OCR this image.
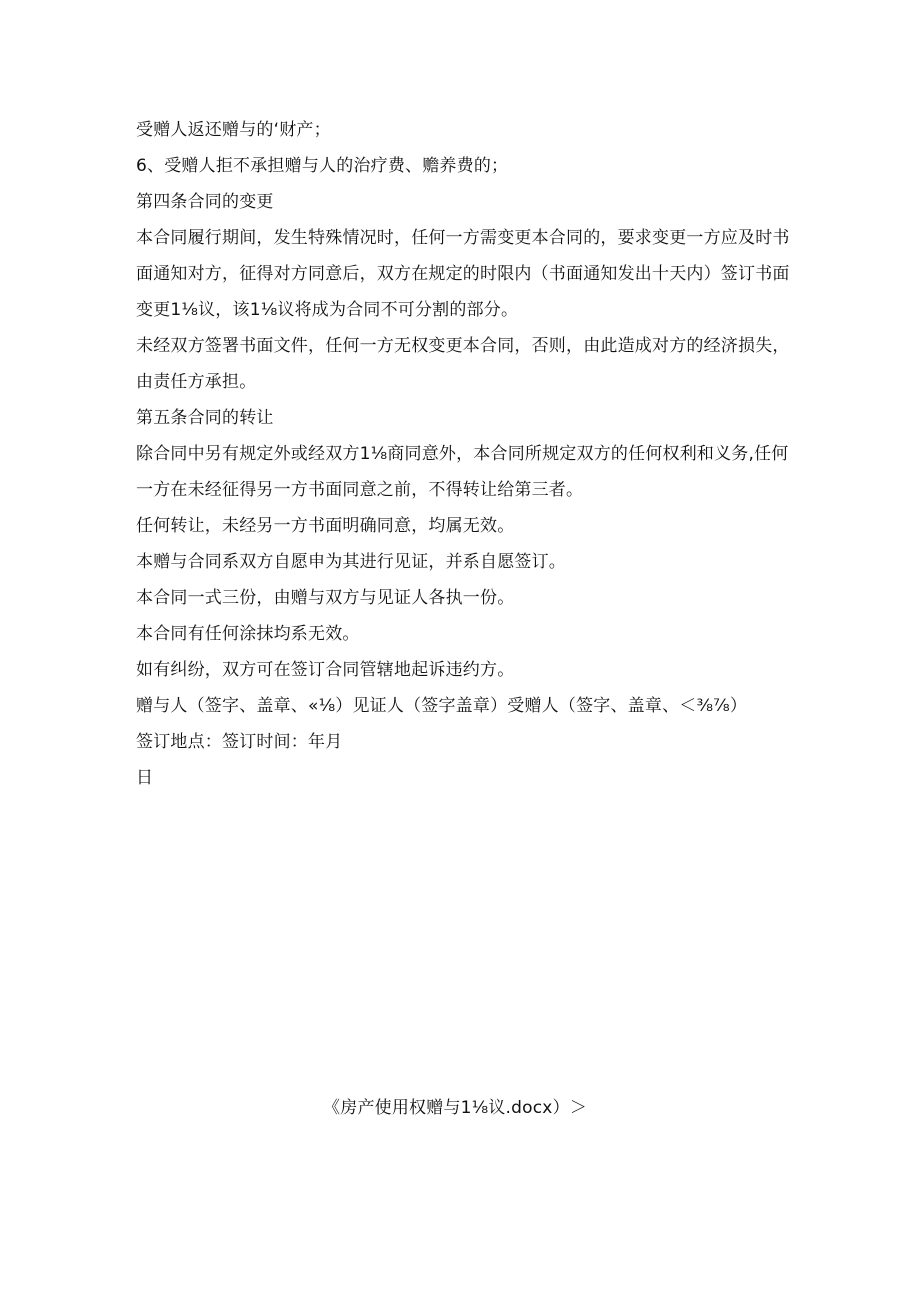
受赠人返还赠与的‘财产；

6、受赠人拒不承担赠与人的治疗费、赡养费的；

第四条合同的变更

本合同履行期间，发生特殊情况时，任何一方需变更本合同的，要求变更一方应及时书面通知对方，征得对方同意后，双方在规定的时限内（书面通知发出十天内）签订书面变更1⅛议，该1⅛议将成为合同不可分割的部分。

未经双方签署书面文件，任何一方无权变更本合同，否则，由此造成对方的经济损失，由责任方承担。

第五条合同的转让

除合同中另有规定外或经双方1⅛商同意外，本合同所规定双方的任何权利和义务,任何一方在未经征得另一方书面同意之前，不得转让给第三者。

任何转让，未经另一方书面明确同意，均属无效。

本赠与合同系双方自愿申为其进行见证，并系自愿签订。

本合同一式三份，由赠与双方与见证人各执一份。

本合同有任何涂抹均系无效。

如有纠纷，双方可在签订合同管辖地起诉违约方。

赠与人（签字、盖章、«⅛）见证人（签字盖章）受赠人（签字、盖章、＜⅜⅞）

签订地点：签订时间：年月

日

《房产使用权赠与1⅛议.docx）＞
